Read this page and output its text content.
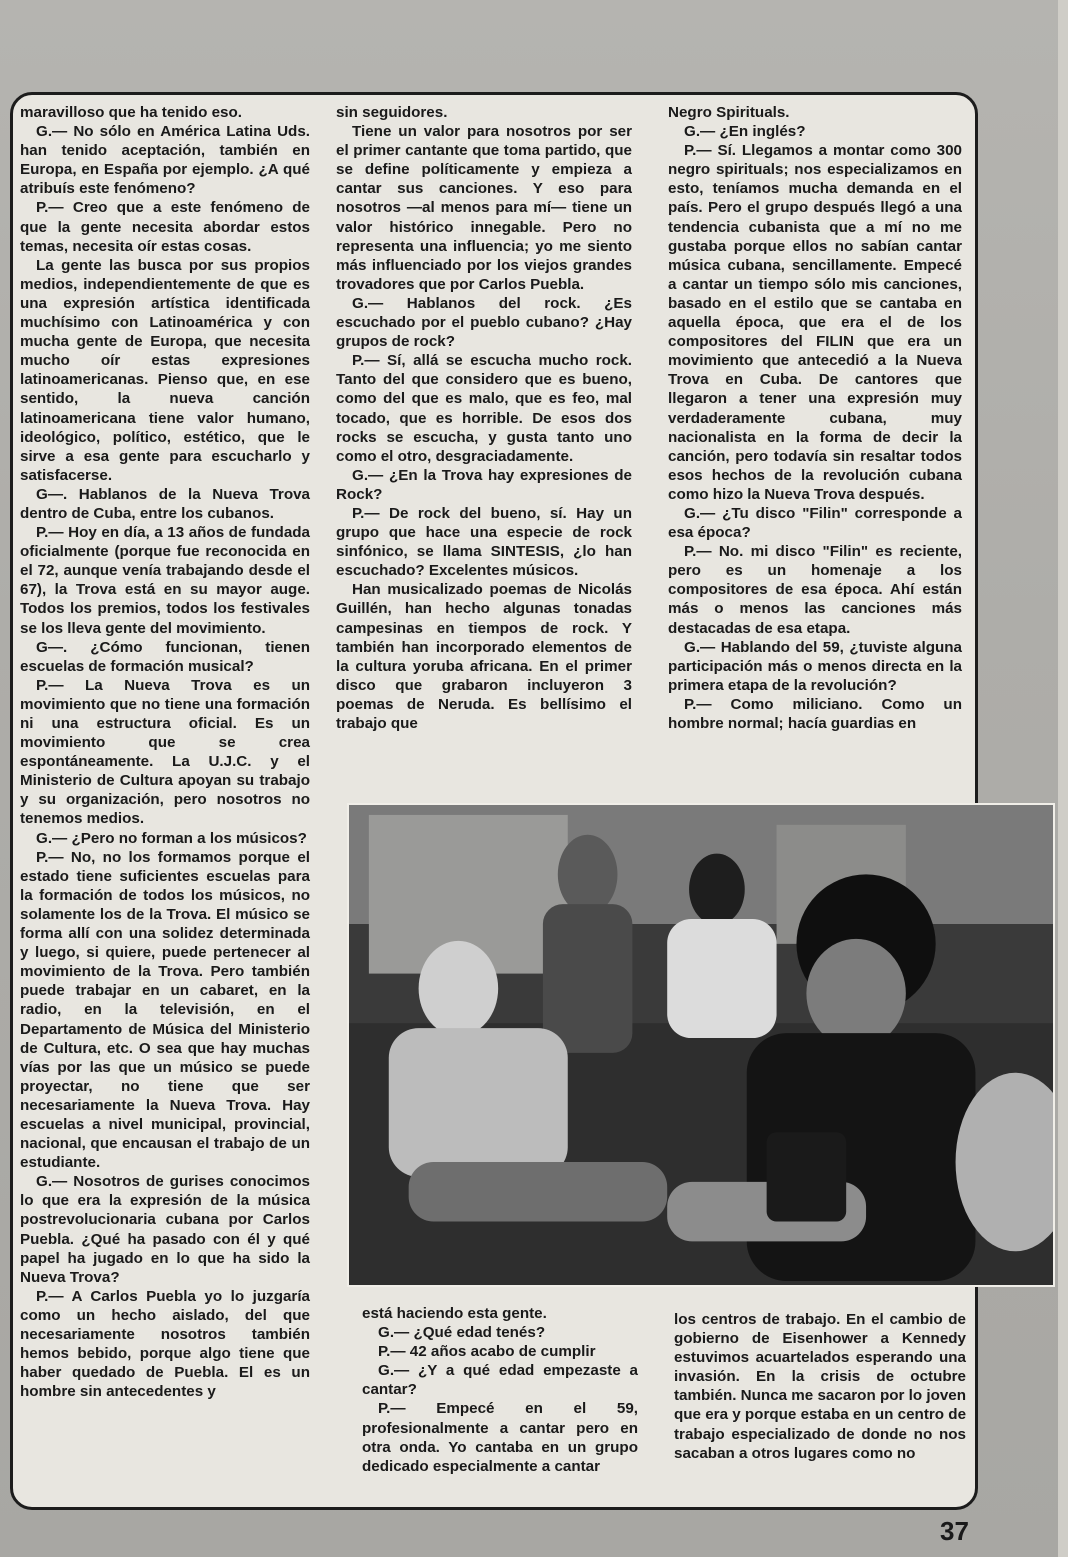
maravilloso que ha tenido eso.

G.— No sólo en América Latina Uds. han tenido aceptación, también en Europa, en España por ejemplo. ¿A qué atribuís este fenómeno?

P.— Creo que a este fenómeno de que la gente necesita abordar estos temas, necesita oír estas cosas.

La gente las busca por sus propios medios, independientemente de que es una expresión artística identificada muchísimo con Latinoamérica y con mucha gente de Europa, que necesita mucho oír estas expresiones latinoamericanas. Pienso que, en ese sentido, la nueva canción latinoamericana tiene valor humano, ideológico, político, estético, que le sirve a esa gente para escucharlo y satisfacerse.

G—. Hablanos de la Nueva Trova dentro de Cuba, entre los cubanos.

P.— Hoy en día, a 13 años de fundada oficialmente (porque fue reconocida en el 72, aunque venía trabajando desde el 67), la Trova está en su mayor auge. Todos los premios, todos los festivales se los lleva gente del movimiento.

G—. ¿Cómo funcionan, tienen escuelas de formación musical?

P.— La Nueva Trova es un movimiento que no tiene una formación ni una estructura oficial. Es un movimiento que se crea espontáneamente. La U.J.C. y el Ministerio de Cultura apoyan su trabajo y su organización, pero nosotros no tenemos medios.

G.— ¿Pero no forman a los músicos?

P.— No, no los formamos porque el estado tiene suficientes escuelas para la formación de todos los músicos, no solamente los de la Trova. El músico se forma allí con una solidez determinada y luego, si quiere, puede pertenecer al movimiento de la Trova. Pero también puede trabajar en un cabaret, en la radio, en la televisión, en el Departamento de Música del Ministerio de Cultura, etc. O sea que hay muchas vías por las que un músico se puede proyectar, no tiene que ser necesariamente la Nueva Trova. Hay escuelas a nivel municipal, provincial, nacional, que encausan el trabajo de un estudiante.

G.— Nosotros de gurises conocimos lo que era la expresión de la música postrevolucionaria cubana por Carlos Puebla. ¿Qué ha pasado con él y qué papel ha jugado en lo que ha sido la Nueva Trova?

P.— A Carlos Puebla yo lo juzgaría como un hecho aislado, del que necesariamente nosotros también hemos bebido, porque algo tiene que haber quedado de Puebla. El es un hombre sin antecedentes y

sin seguidores.

Tiene un valor para nosotros por ser el primer cantante que toma partido, que se define políticamente y empieza a cantar sus canciones. Y eso para nosotros —al menos para mí— tiene un valor histórico innegable. Pero no representa una influencia; yo me siento más influenciado por los viejos grandes trovadores que por Carlos Puebla.

G.— Hablanos del rock. ¿Es escuchado por el pueblo cubano? ¿Hay grupos de rock?

P.— Sí, allá se escucha mucho rock. Tanto del que considero que es bueno, como del que es malo, que es feo, mal tocado, que es horrible. De esos dos rocks se escucha, y gusta tanto uno como el otro, desgraciadamente.

G.— ¿En la Trova hay expresiones de Rock?

P.— De rock del bueno, sí. Hay un grupo que hace una especie de rock sinfónico, se llama SINTESIS, ¿lo han escuchado? Excelentes músicos.

Han musicalizado poemas de Nicolás Guillén, han hecho algunas tonadas campesinas en tiempos de rock. Y también han incorporado elementos de la cultura yoruba africana. En el primer disco que grabaron incluyeron 3 poemas de Neruda. Es bellísimo el trabajo que

Negro Spirituals.

G.— ¿En inglés?

P.— Sí. Llegamos a montar como 300 negro spirituals; nos especializamos en esto, teníamos mucha demanda en el país. Pero el grupo después llegó a una tendencia cubanista que a mí no me gustaba porque ellos no sabían cantar música cubana, sencillamente. Empecé a cantar un tiempo sólo mis canciones, basado en el estilo que se cantaba en aquella época, que era el de los compositores del FILIN que era un movimiento que antecedió a la Nueva Trova en Cuba. De cantores que llegaron a tener una expresión muy verdaderamente cubana, muy nacionalista en la forma de decir la canción, pero todavía sin resaltar todos esos hechos de la revolución cubana como hizo la Nueva Trova después.

G.— ¿Tu disco "Filin" corresponde a esa época?

P.— No. mi disco "Filin" es reciente, pero es un homenaje a los compositores de esa época. Ahí están más o menos las canciones más destacadas de esa etapa.

G.— Hablando del 59, ¿tuviste alguna participación más o menos directa en la primera etapa de la revolución?

P.— Como miliciano. Como un hombre normal; hacía guardias en

está haciendo esta gente.

G.— ¿Qué edad tenés?

P.— 42 años acabo de cumplir

G.— ¿Y a qué edad empezaste a cantar?

P.— Empecé en el 59, profesionalmente a cantar pero en otra onda. Yo cantaba en un grupo dedicado especialmente a cantar

los centros de trabajo. En el cambio de gobierno de Eisenhower a Kennedy estuvimos acuartelados esperando una invasión. En la crisis de octubre también. Nunca me sacaron por lo joven que era y porque estaba en un centro de trabajo especializado de donde no nos sacaban a otros lugares como no

37
